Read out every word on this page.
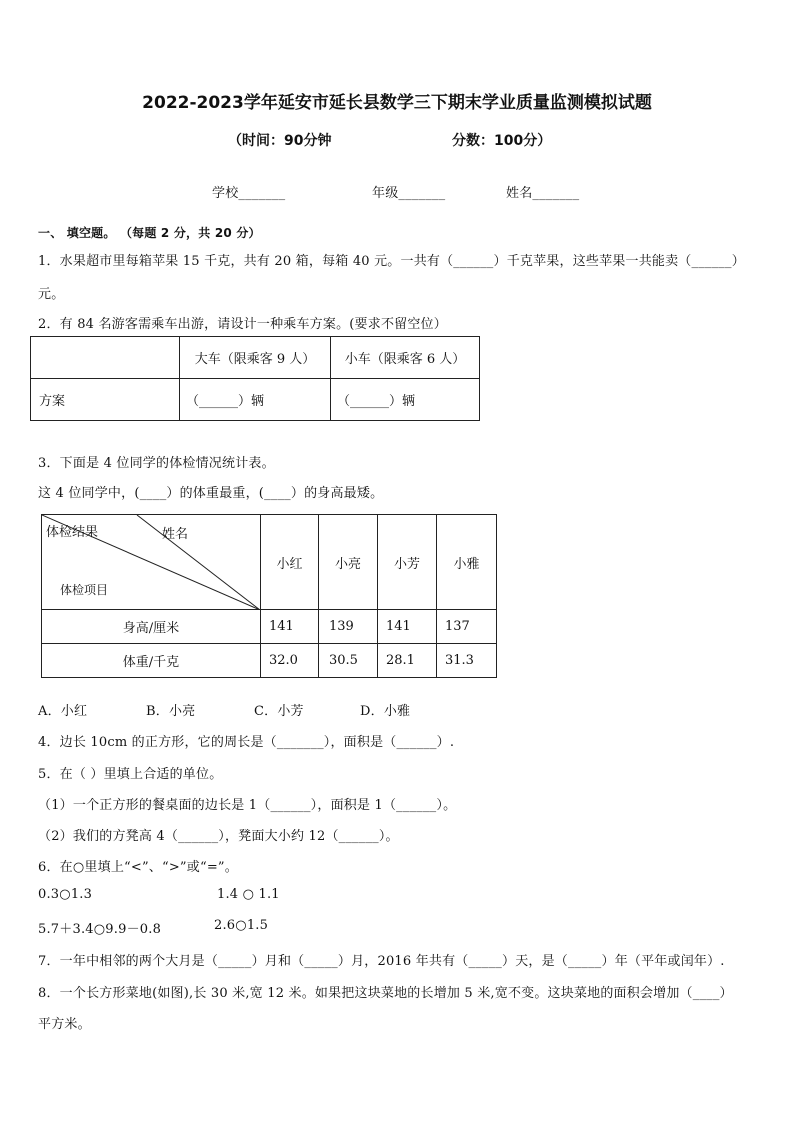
2022-2023学年延安市延长县数学三下期末学业质量监测模拟试题
（时间：90分钟	分数：100分）
学校_______	年级_______	姓名_______
一、 填空题。 （每题 2 分，共 20 分）
1．水果超市里每箱苹果 15 千克，共有 20 箱，每箱 40 元。一共有（______）千克苹果，这些苹果一共能卖（______）
元。
2．有 84 名游客需乘车出游，请设计一种乘车方案。(要求不留空位）
	大车（限乘客 9 人）	小车（限乘客 6 人）
方案	（______）辆	（______）辆
3．下面是 4 位同学的体检情况统计表。
这 4 位同学中，(____）的体重最重，(____）的身高最矮。
体检结果 姓名
体检项目	小红	小亮	小芳	小雅
身高/厘米	141	139	141	137
体重/千克	32.0	30.5	28.1	31.3
A．小红	B．小亮	C．小芳	D．小雅
4．边长 10cm 的正方形，它的周长是（_______），面积是（______）.
5．在（ ）里填上合适的单位。
（1）一个正方形的餐桌面的边长是 1（______），面积是 1（______）。
（2）我们的方凳高 4（______），凳面大小约 12（______）。
6．在○里填上“<”、“>”或“=”。
0.3○1.3	1.4 ○ 1.1
5.7＋3.4○9.9－0.8	2.6○1.5
7．一年中相邻的两个大月是（_____）月和（_____）月，2016 年共有（_____）天，是（_____）年（平年或闰年）.
8．一个长方形菜地(如图),长 30 米,宽 12 米。如果把这块菜地的长增加 5 米,宽不变。这块菜地的面积会增加（____）
平方米。
